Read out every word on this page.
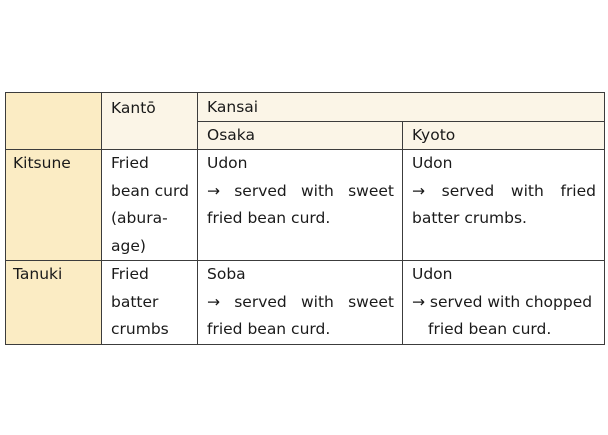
	Kantō	Kansai	

		Osaka	Kyoto

Kitsune	Fried
bean curd
(abura-
age)	Udon
→ served with sweet
fried bean curd.	Udon
→ served with fried
batter crumbs.

Tanuki	Fried
batter
crumbs	Soba
→ served with sweet
fried bean curd.	Udon
→ served with chopped
fried bean curd.
